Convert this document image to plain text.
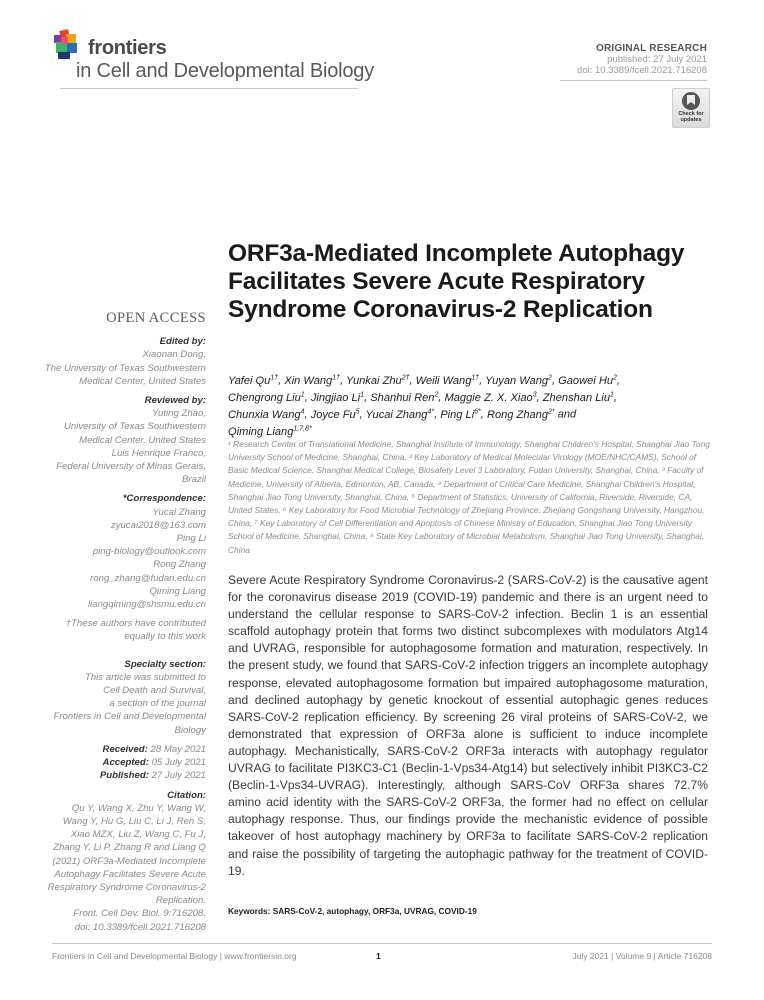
frontiers
in Cell and Developmental Biology
ORIGINAL RESEARCH
published: 27 July 2021
doi: 10.3389/fcell.2021.716208
Check for updates
OPEN ACCESS
Edited by:
Xiaonan Dong,
The University of Texas Southwestern
Medical Center, United States
Reviewed by:
Yuting Zhao,
University of Texas Southwestern
Medical Center, United States
Luis Henrique Franco,
Federal University of Minas Gerais,
Brazil
*Correspondence:
Yucai Zhang
zyucai2018@163.com
Ping Li
ping-biology@outlook.com
Rong Zhang
rong_zhang@fudan.edu.cn
Qiming Liang
liangqiming@shsmu.edu.cn
†These authors have contributed
equally to this work
Specialty section:
This article was submitted to
Cell Death and Survival,
a section of the journal
Frontiers in Cell and Developmental
Biology
Received: 28 May 2021
Accepted: 05 July 2021
Published: 27 July 2021
Citation:
Qu Y, Wang X, Zhu Y, Wang W,
Wang Y, Hu G, Liu C, Li J, Ren S,
Xiao MZX, Liu Z, Wang C, Fu J,
Zhang Y, Li P, Zhang R and Liang Q
(2021) ORF3a-Mediated Incomplete
Autophagy Facilitates Severe Acute
Respiratory Syndrome Coronavirus-2
Replication.
Front. Cell Dev. Biol. 9:716208.
doi: 10.3389/fcell.2021.716208
ORF3a-Mediated Incomplete Autophagy Facilitates Severe Acute Respiratory Syndrome Coronavirus-2 Replication
Yafei $Qu^{1\dagger}$, Xin Wang$^{1\dagger}$, Yunkai Zhu$^{2\dagger}$, Weili Wang$^{1\dagger}$, Yuyan Wang$^2$, Gaowei Hu$^2$,
Chengrong Liu$^1$, Jingjiao Li$^1$, Shanhui Ren$^2$, Maggie Z. X. Xiao$^3$, Zhenshan Liu$^1$,
Chunxia Wang$^4$, Joyce Fu$^5$, Yucai Zhang$^{4*}$, Ping $Li^{6*}$, Rong Zhang$^{2*}$ and
Qiming Liang$^{1,7,8*}$
¹ Research Center of Translational Medicine, Shanghai Institute of Immunology, Shanghai Children's Hospital, Shanghai Jiao Tong University School of Medicine, Shanghai, China, ² Key Laboratory of Medical Molecular Virology (MOE/NHC/CAMS), School of Basic Medical Science, Shanghai Medical College, Biosafety Level 3 Laboratory, Fudan University, Shanghai, China, ³ Faculty of Medicine, University of Alberta, Edmonton, AB, Canada, ⁴ Department of Critical Care Medicine, Shanghai Children's Hospital, Shanghai Jiao Tong University, Shanghai, China, ⁵ Department of Statistics, University of California, Riverside, Riverside, CA, United States, ⁶ Key Laboratory for Food Microbial Technology of Zhejiang Province, Zhejiang Gongshang University, Hangzhou, China, ⁷ Key Laboratory of Cell Differentiation and Apoptosis of Chinese Ministry of Education, Shanghai Jiao Tong University School of Medicine, Shanghai, China, ⁸ State Key Laboratory of Microbial Metabolism, Shanghai Jiao Tong University, Shanghai, China
Severe Acute Respiratory Syndrome Coronavirus-2 (SARS-CoV-2) is the causative agent for the coronavirus disease 2019 (COVID-19) pandemic and there is an urgent need to understand the cellular response to SARS-CoV-2 infection. Beclin 1 is an essential scaffold autophagy protein that forms two distinct subcomplexes with modulators Atg14 and UVRAG, responsible for autophagosome formation and maturation, respectively. In the present study, we found that SARS-CoV-2 infection triggers an incomplete autophagy response, elevated autophagosome formation but impaired autophagosome maturation, and declined autophagy by genetic knockout of essential autophagic genes reduces SARS-CoV-2 replication efficiency. By screening 26 viral proteins of SARS-CoV-2, we demonstrated that expression of ORF3a alone is sufficient to induce incomplete autophagy. Mechanistically, SARS-CoV-2 ORF3a interacts with autophagy regulator UVRAG to facilitate PI3KC3-C1 (Beclin-1-Vps34-Atg14) but selectively inhibit PI3KC3-C2 (Beclin-1-Vps34-UVRAG). Interestingly, although SARS-CoV ORF3a shares 72.7% amino acid identity with the SARS-CoV-2 ORF3a, the former had no effect on cellular autophagy response. Thus, our findings provide the mechanistic evidence of possible takeover of host autophagy machinery by ORF3a to facilitate SARS-CoV-2 replication and raise the possibility of targeting the autophagic pathway for the treatment of COVID-19.
Keywords: SARS-CoV-2, autophagy, ORF3a, UVRAG, COVID-19
Frontiers in Cell and Developmental Biology | www.frontiersin.org	1	July 2021 | Volume 9 | Article 716208
